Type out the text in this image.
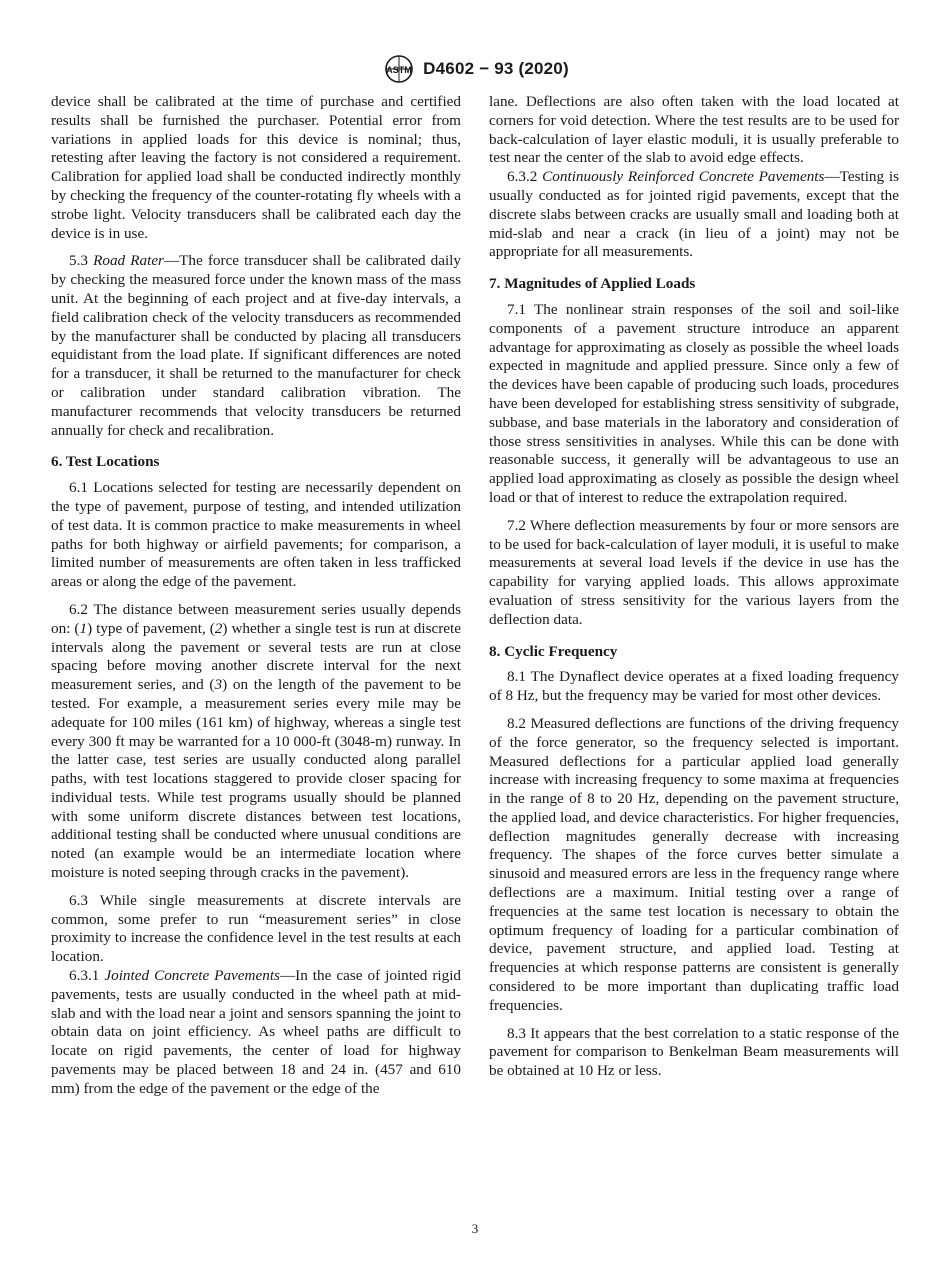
ASTM D4602 − 93 (2020)

device shall be calibrated at the time of purchase and certified results shall be furnished the purchaser. Potential error from variations in applied loads for this device is nominal; thus, retesting after leaving the factory is not considered a requirement. Calibration for applied load shall be conducted indirectly monthly by checking the frequency of the counter-rotating fly wheels with a strobe light. Velocity transducers shall be calibrated each day the device is in use.

5.3 Road Rater—The force transducer shall be calibrated daily by checking the measured force under the known mass of the mass unit. At the beginning of each project and at five-day intervals, a field calibration check of the velocity transducers as recommended by the manufacturer shall be conducted by placing all transducers equidistant from the load plate. If significant differences are noted for a transducer, it shall be returned to the manufacturer for check or calibration under standard calibration vibration. The manufacturer recommends that velocity transducers be returned annually for check and recalibration.

6. Test Locations

6.1 Locations selected for testing are necessarily dependent on the type of pavement, purpose of testing, and intended utilization of test data. It is common practice to make measurements in wheel paths for both highway or airfield pavements; for comparison, a limited number of measurements are often taken in less trafficked areas or along the edge of the pavement.

6.2 The distance between measurement series usually depends on: (1) type of pavement, (2) whether a single test is run at discrete intervals along the pavement or several tests are run at close spacing before moving another discrete interval for the next measurement series, and (3) on the length of the pavement to be tested. For example, a measurement series every mile may be adequate for 100 miles (161 km) of highway, whereas a single test every 300 ft may be warranted for a 10 000-ft (3048-m) runway. In the latter case, test series are usually conducted along parallel paths, with test locations staggered to provide closer spacing for individual tests. While test programs usually should be planned with some uniform discrete distances between test locations, additional testing shall be conducted where unusual conditions are noted (an example would be an intermediate location where moisture is noted seeping through cracks in the pavement).

6.3 While single measurements at discrete intervals are common, some prefer to run “measurement series” in close proximity to increase the confidence level in the test results at each location.

6.3.1 Jointed Concrete Pavements—In the case of jointed rigid pavements, tests are usually conducted in the wheel path at mid-slab and with the load near a joint and sensors spanning the joint to obtain data on joint efficiency. As wheel paths are difficult to locate on rigid pavements, the center of load for highway pavements may be placed between 18 and 24 in. (457 and 610 mm) from the edge of the pavement or the edge of the

lane. Deflections are also often taken with the load located at corners for void detection. Where the test results are to be used for back-calculation of layer elastic moduli, it is usually preferable to test near the center of the slab to avoid edge effects.

6.3.2 Continuously Reinforced Concrete Pavements—Testing is usually conducted as for jointed rigid pavements, except that the discrete slabs between cracks are usually small and loading both at mid-slab and near a crack (in lieu of a joint) may not be appropriate for all measurements.

7. Magnitudes of Applied Loads

7.1 The nonlinear strain responses of the soil and soil-like components of a pavement structure introduce an apparent advantage for approximating as closely as possible the wheel loads expected in magnitude and applied pressure. Since only a few of the devices have been capable of producing such loads, procedures have been developed for establishing stress sensitivity of subgrade, subbase, and base materials in the laboratory and consideration of those stress sensitivities in analyses. While this can be done with reasonable success, it generally will be advantageous to use an applied load approximating as closely as possible the design wheel load or that of interest to reduce the extrapolation required.

7.2 Where deflection measurements by four or more sensors are to be used for back-calculation of layer moduli, it is useful to make measurements at several load levels if the device in use has the capability for varying applied loads. This allows approximate evaluation of stress sensitivity for the various layers from the deflection data.

8. Cyclic Frequency

8.1 The Dynaflect device operates at a fixed loading frequency of 8 Hz, but the frequency may be varied for most other devices.

8.2 Measured deflections are functions of the driving frequency of the force generator, so the frequency selected is important. Measured deflections for a particular applied load generally increase with increasing frequency to some maxima at frequencies in the range of 8 to 20 Hz, depending on the pavement structure, the applied load, and device characteristics. For higher frequencies, deflection magnitudes generally decrease with increasing frequency. The shapes of the force curves better simulate a sinusoid and measured errors are less in the frequency range where deflections are a maximum. Initial testing over a range of frequencies at the same test location is necessary to obtain the optimum frequency of loading for a particular combination of device, pavement structure, and applied load. Testing at frequencies at which response patterns are consistent is generally considered to be more important than duplicating traffic load frequencies.

8.3 It appears that the best correlation to a static response of the pavement for comparison to Benkelman Beam measurements will be obtained at 10 Hz or less.

3
